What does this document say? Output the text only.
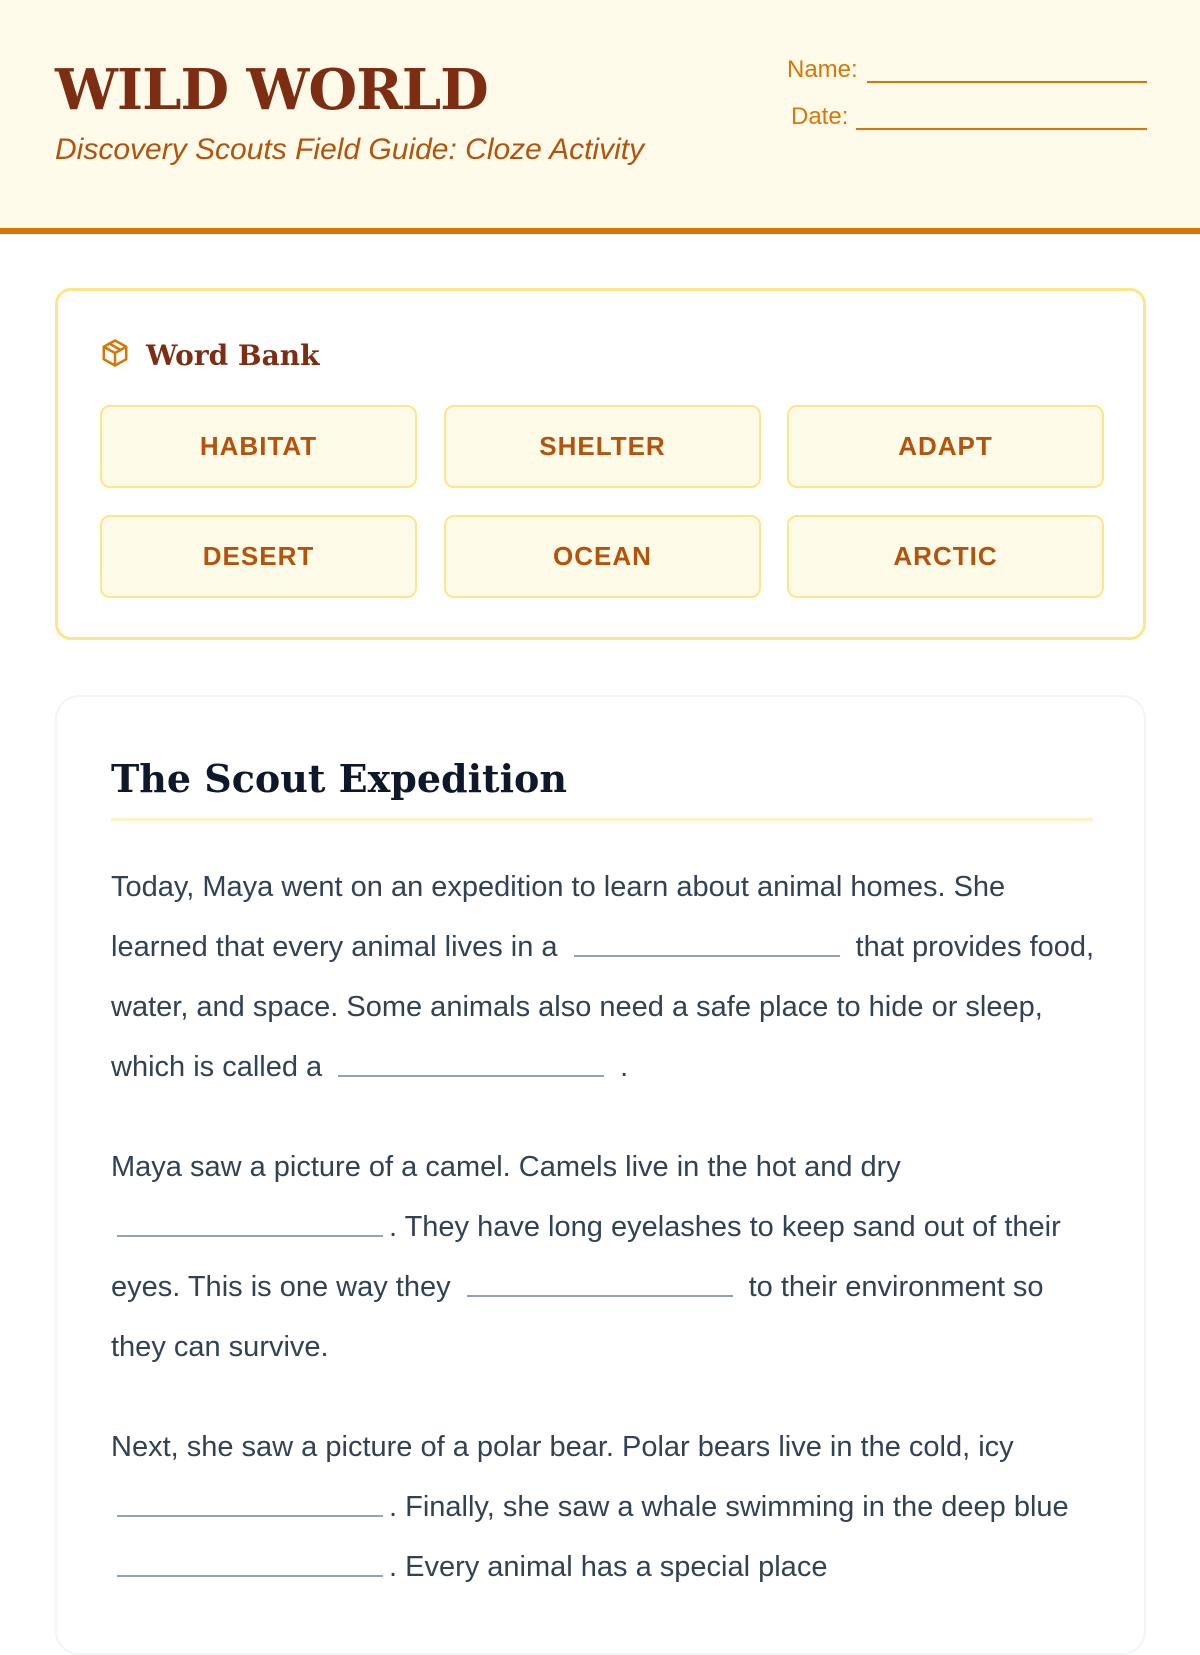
WILD WORLD
Discovery Scouts Field Guide: Cloze Activity
Name:
Date:
Word Bank
HABITAT	SHELTER	ADAPT
DESERT	OCEAN	ARCTIC
The Scout Expedition

Today, Maya went on an expedition to learn about animal homes. She learned that every animal lives in a	that provides food, water, and space. Some animals also need a safe place to hide or sleep, which is called a	.

Maya saw a picture of a camel. Camels live in the hot and dry . They have long eyelashes to keep sand out of their eyes. This is one way they	to their environment so they can survive.

Next, she saw a picture of a polar bear. Polar bears live in the cold, icy. Finally, she saw a whale swimming in the deep blue. Every animal has a special place
